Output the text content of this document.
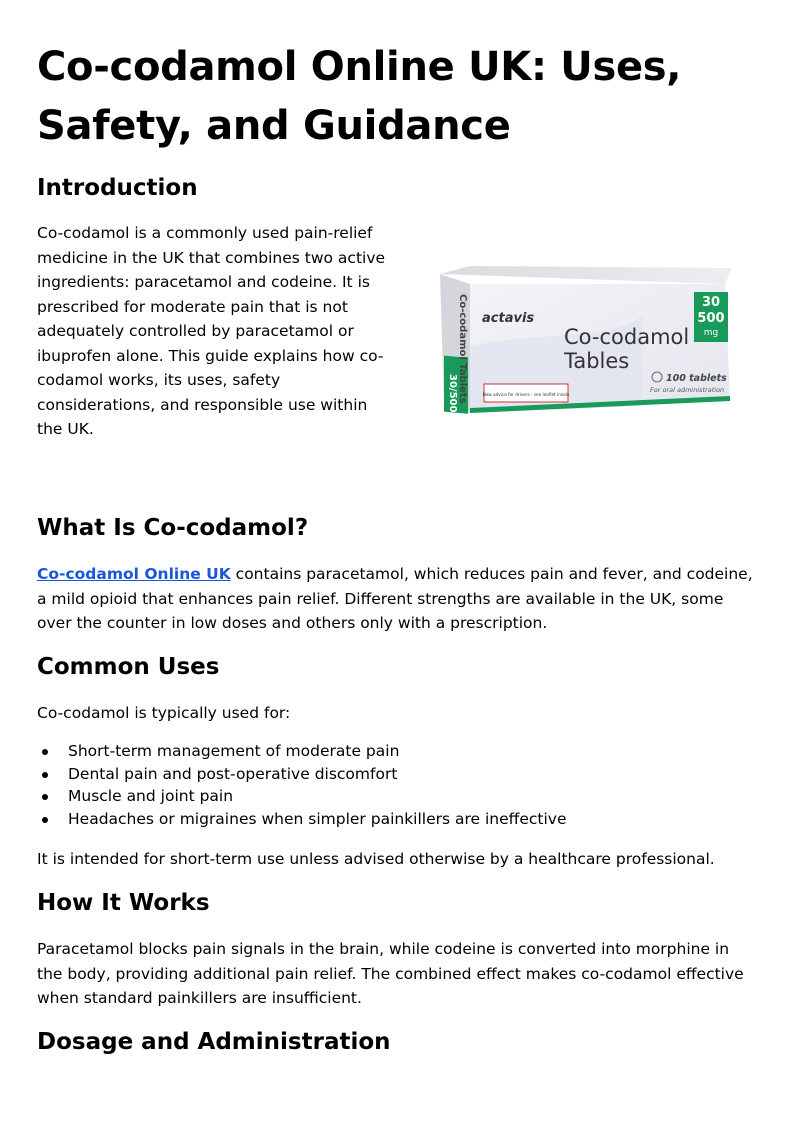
Co-codamol Online UK: Uses, Safety, and Guidance
Introduction

Co-codamol is a commonly used pain-relief medicine in the UK that combines two active ingredients: paracetamol and codeine. It is prescribed for moderate pain that is not adequately controlled by paracetamol or ibuprofen alone. This guide explains how co-codamol works, its uses, safety considerations, and responsible use within the UK.

What Is Co-codamol?

Co-codamol Online UK contains paracetamol, which reduces pain and fever, and codeine, a mild opioid that enhances pain relief. Different strengths are available in the UK, some over the counter in low doses and others only with a prescription.

Common Uses

Co-codamol is typically used for:

Short-term management of moderate pain
Dental pain and post-operative discomfort
Muscle and joint pain
Headaches or migraines when simpler painkillers are ineffective

It is intended for short-term use unless advised otherwise by a healthcare professional.

How It Works

Paracetamol blocks pain signals in the brain, while codeine is converted into morphine in the body, providing additional pain relief. The combined effect makes co-codamol effective when standard painkillers are insufficient.

Dosage and Administration
Co-codamol Tablets
30/500
30
500
mg
actavis
Co-codamol
Tables
100 tablets
For oral administration
New advice for drivers - see leaflet inside
